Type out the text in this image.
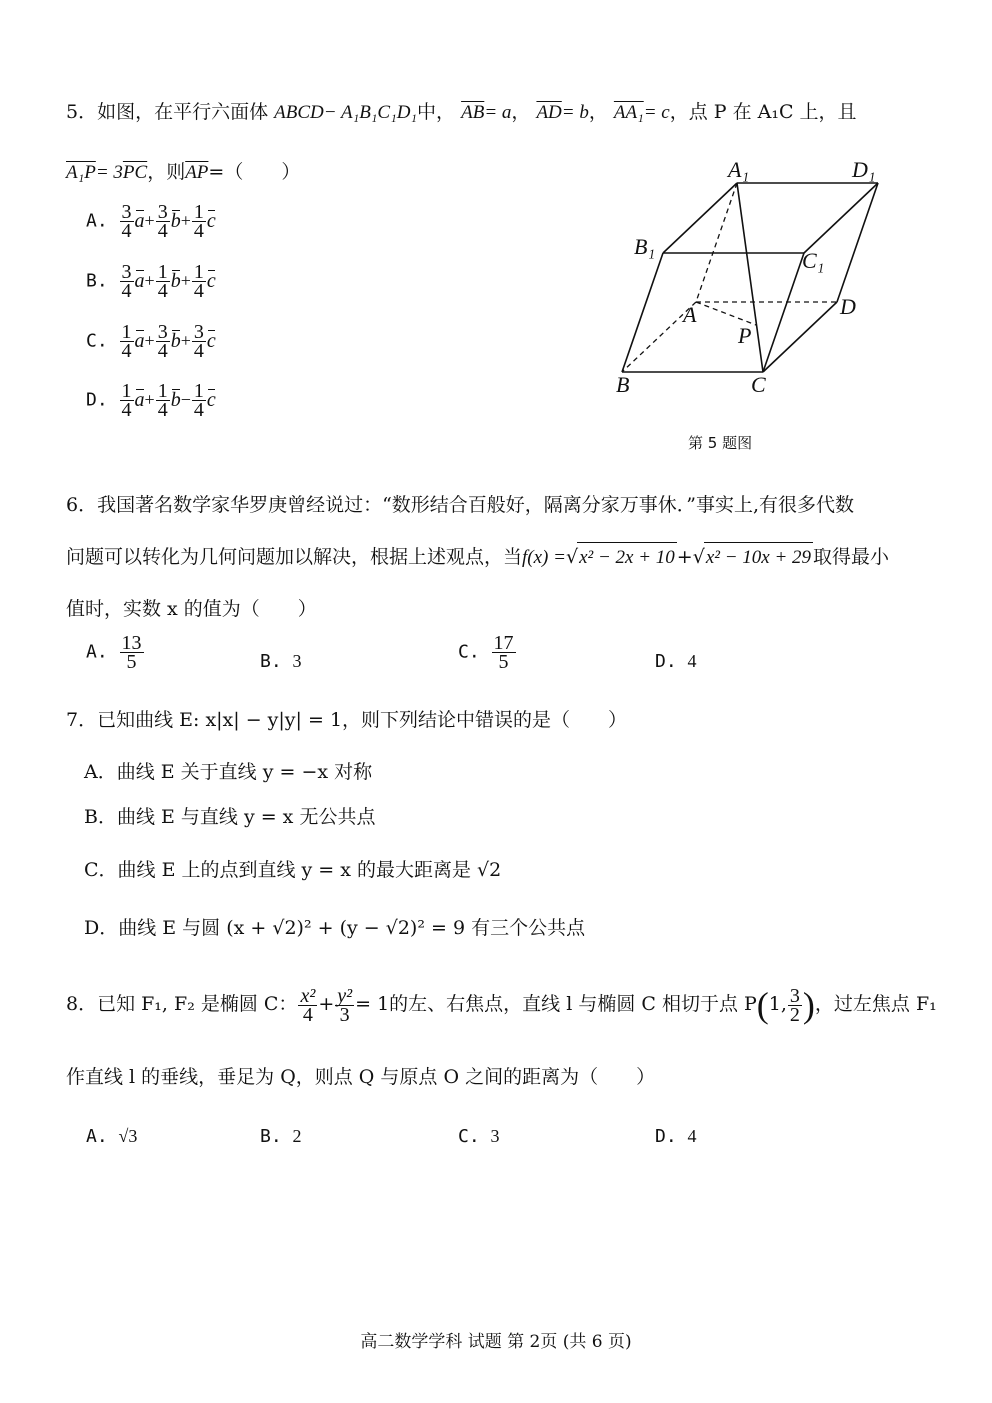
5．如图，在平行六面体 ABCD− A₁B₁C₁D₁中， $\overline{AB}= a$， $\overline{AD}= b$， AA₁= c，点 P 在 A₁C 上，且
$A_1P= 3\overline{PC}$，则$\overline{AP}=$（　　）
A. $\frac{3}{4} a+ \frac{3}{4} b+ \frac{1}{4}$ c
B. $\frac{3}{4} a+ \frac{1}{4} b+ \frac{1}{4}$ c
C. $\frac{1}{4} a+ \frac{3}{4} b+ \frac{3}{4}$ c
D. $\frac{1}{4} a+ \frac{1}{4} b- \frac{1}{4}$ c
A₁	D₁
B₁
C₁
A	D
P
B	C
第 5 题图
6．我国著名数学家华罗庚曾经说过：“数形结合百般好，隔离分家万事休．”事实上,有很多代数
问题可以转化为几何问题加以解决，根据上述观点，当f(x) =√x² − 2x + 10 +√x² − 10x + 29 取得最小
值时，实数 x 的值为（　　）
A. $\frac{13}{5}$	B. 3	C. $\frac{17}{5}$	D. 4
7．已知曲线 E: x|x| − y|y| = 1，则下列结论中错误的是（　　）
A．曲线 E 关于直线 y = −x 对称
B．曲线 E 与直线 y = x 无公共点
C．曲线 E 上的点到直线 y = x 的最大距离是 √2
D．曲线 E 与圆 (x + √2)² + (y − √2)² = 9 有三个公共点
8．已知 F₁, F₂ 是椭圆 C： $\frac{\text{x²}}{4} + \frac{\text{y²}}{3} = 1$的左、右焦点，直线 l 与椭圆 C 相切于点 P(1, $\frac{3}{2}$ )，过左焦点 F₁
作直线 l 的垂线，垂足为 Q，则点 Q 与原点 O 之间的距离为（　　）
A. √3	B. 2	C. 3	D. 4
高二数学学科 试题 第 2页 (共 6 页)
